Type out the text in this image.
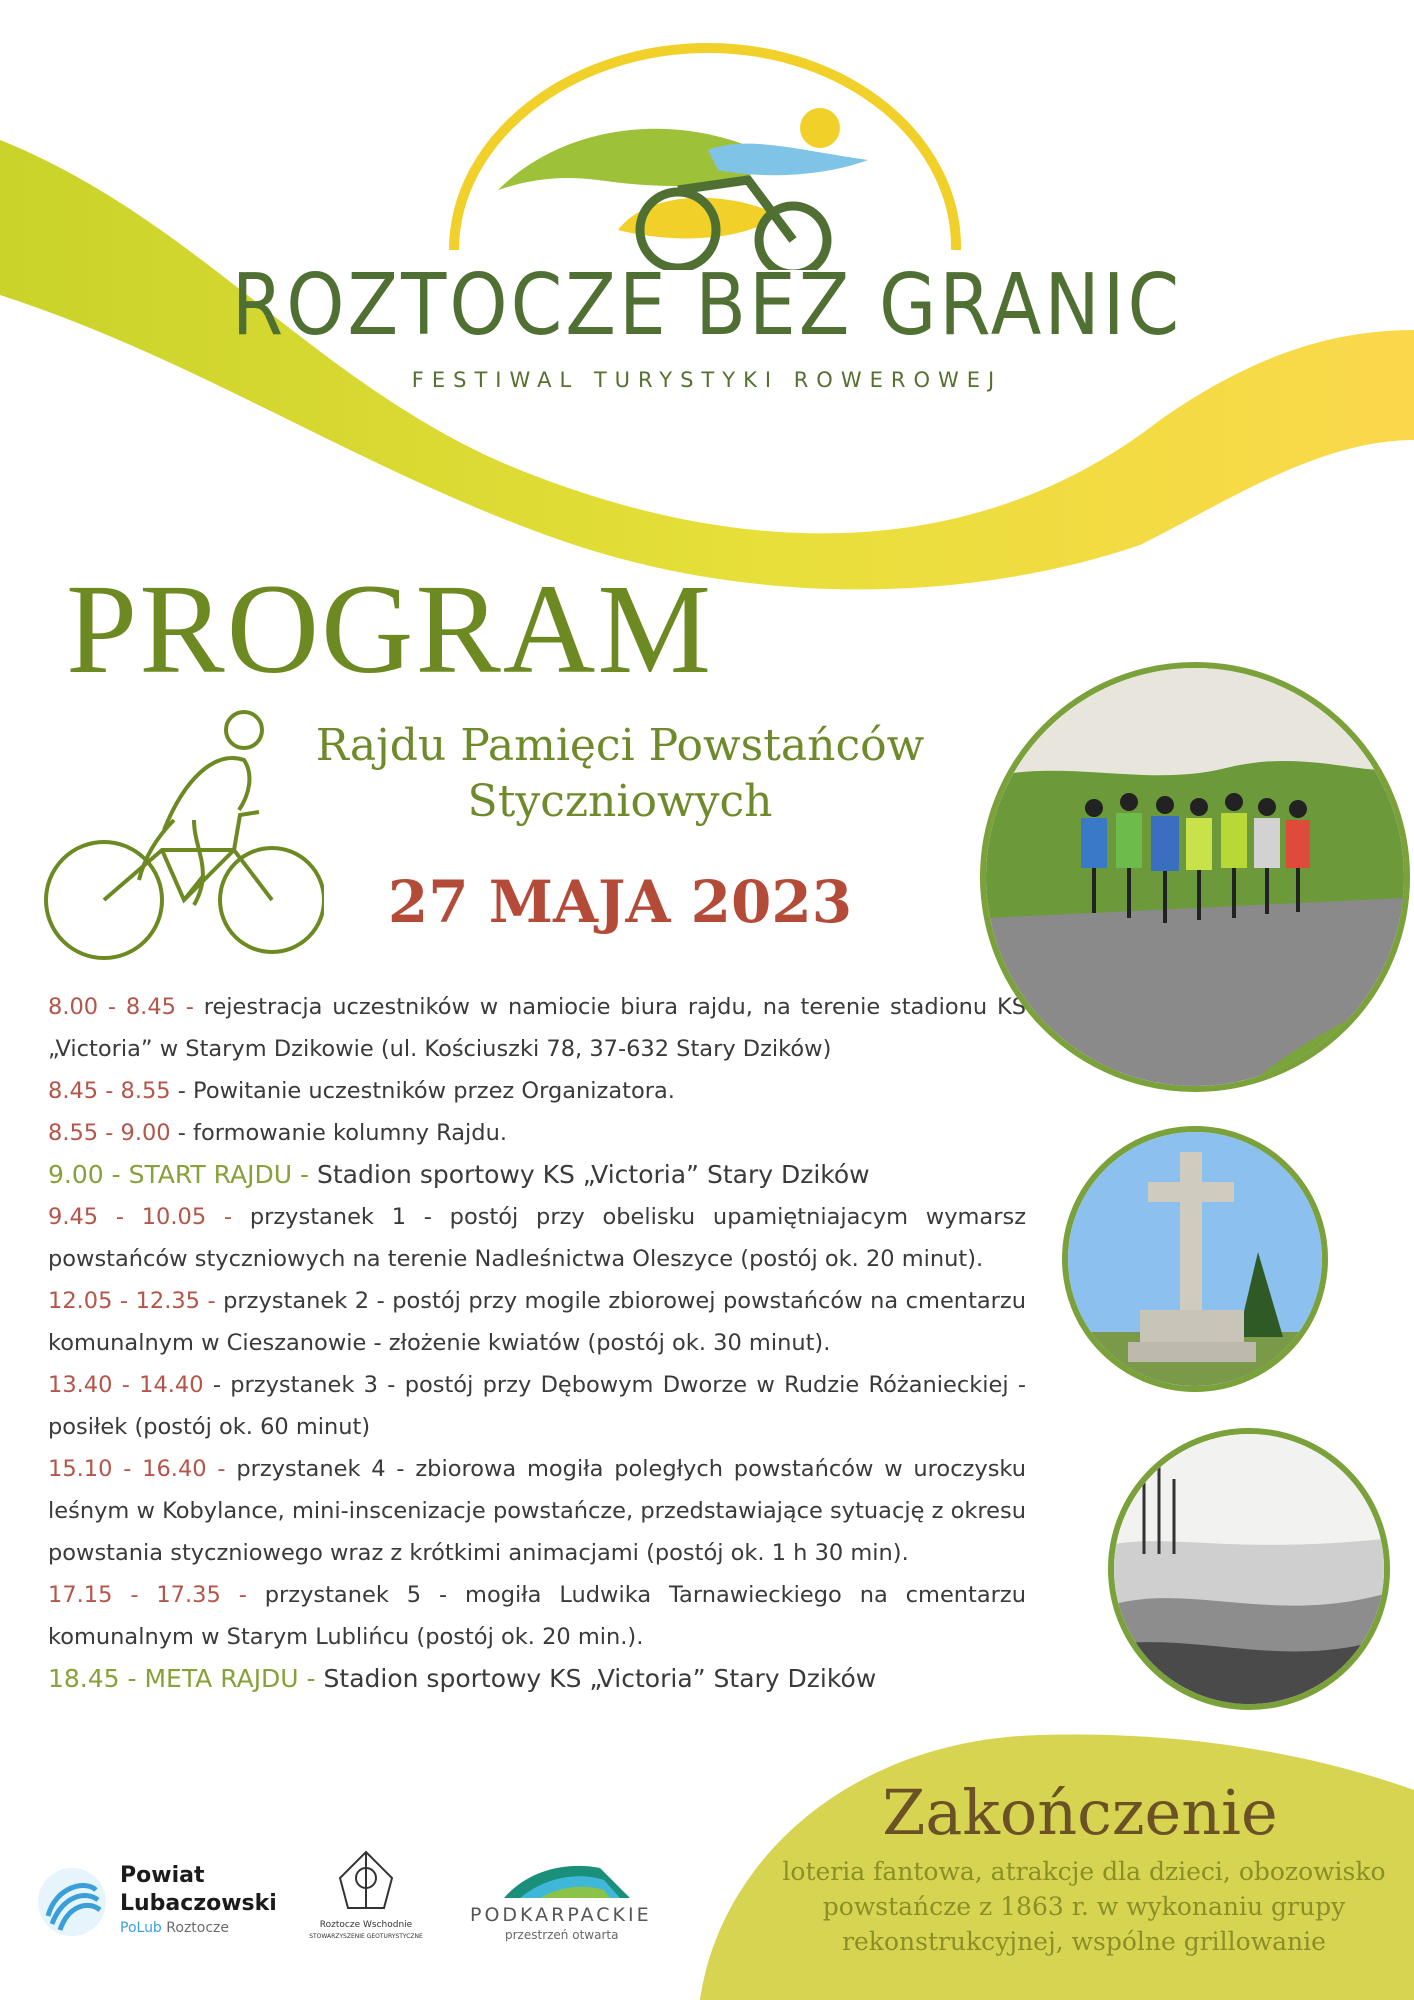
ROZTOCZE BEZ GRANIC
FESTIWAL TURYSTYKI ROWEROWEJ
PROGRAM
Rajdu Pamięci Powstańców Styczniowych
27 MAJA 2023

8.00 - 8.45 - rejestracja uczestników w namiocie biura rajdu, na terenie stadionu KS „Victoria” w Starym Dzikowie (ul. Kościuszki 78, 37-632 Stary Dzików)

8.45 - 8.55 - Powitanie uczestników przez Organizatora.

8.55 - 9.00 - formowanie kolumny Rajdu.

9.00 - START RAJDU - Stadion sportowy KS „Victoria” Stary Dzików

9.45 - 10.05 - przystanek 1 - postój przy obelisku upamiętniajacym wymarsz powstańców styczniowych na terenie Nadleśnictwa Oleszyce (postój ok. 20 minut).

12.05 - 12.35 - przystanek 2 - postój przy mogile zbiorowej powstańców na cmentarzu komunalnym w Cieszanowie - złożenie kwiatów (postój ok. 30 minut).

13.40 - 14.40 - przystanek 3 - postój przy Dębowym Dworze w Rudzie Różanieckiej - posiłek (postój ok. 60 minut)

15.10 - 16.40 - przystanek 4 - zbiorowa mogiła poległych powstańców w uroczysku leśnym w Kobylance, mini-inscenizacje powstańcze, przedstawiające sytuację z okresu powstania styczniowego wraz z krótkimi animacjami (postój ok. 1 h 30 min).

17.15 - 17.35 - przystanek 5 - mogiła Ludwika Tarnawieckiego na cmentarzu komunalnym w Starym Lublińcu (postój ok. 20 min.).

18.45 - META RAJDU - Stadion sportowy KS „Victoria” Stary Dzików

Zakończenie
loteria fantowa, atrakcje dla dzieci, obozowisko powstańcze z 1863 r. w wykonaniu grupy rekonstrukcyjnej, wspólne grillowanie
Powiat
Lubaczowski
PoLub Roztocze	Roztocze Wschodnie
STOWARZYSZENIE GEOTURYSTYCZNE
PODKARPACKIE
przestrzeń otwarta
